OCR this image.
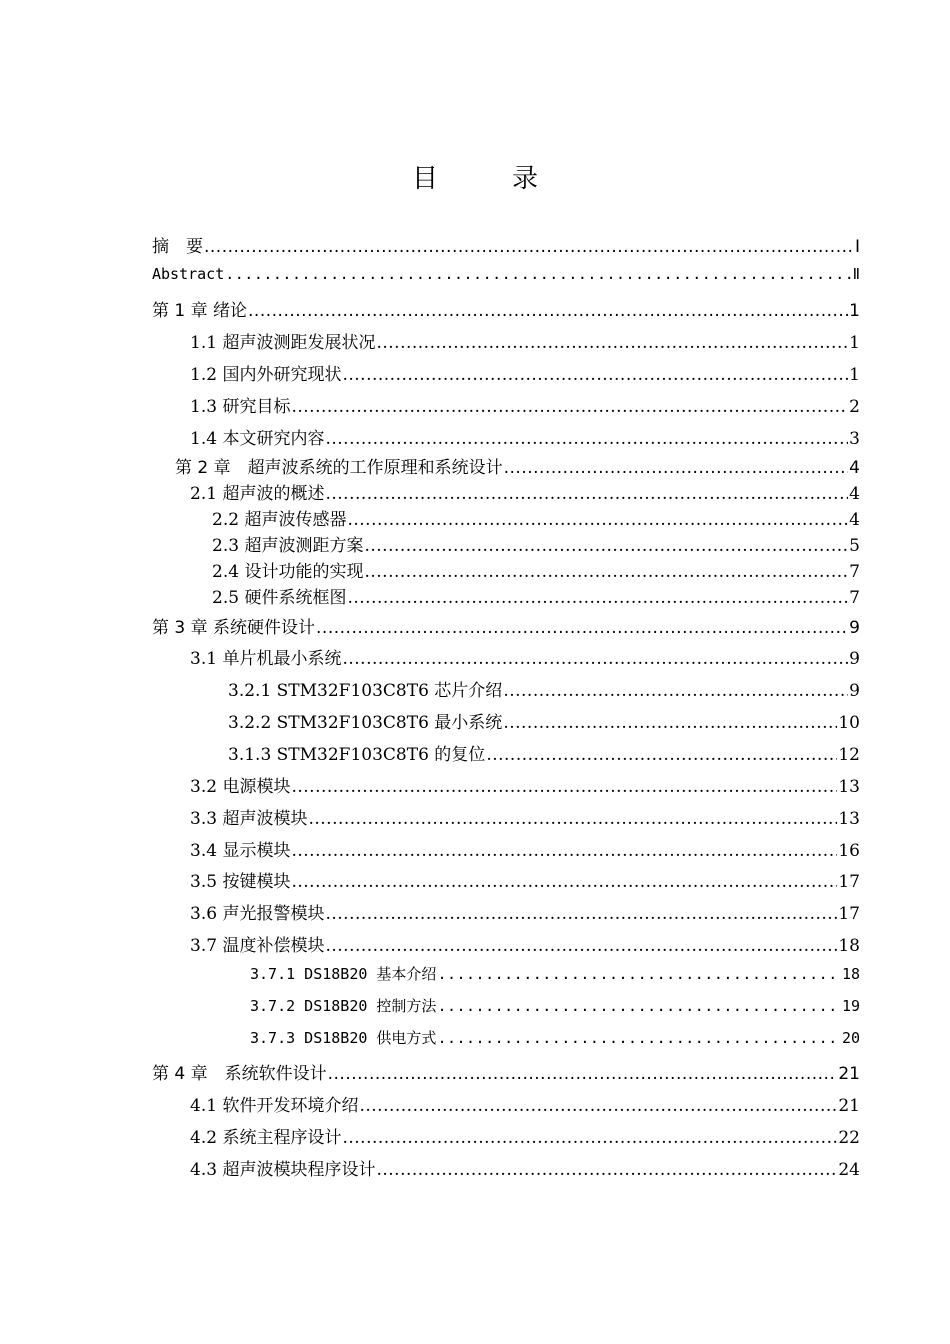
目　录
摘　要 .....	Ⅰ
Abstract .....	Ⅱ
第 1 章 绪论 .....	1
1.1 超声波测距发展状况 .....	1
1.2 国内外研究现状 .....	1
1.3 研究目标 .....	2
1.4 本文研究内容 .....	3
第 2 章　超声波系统的工作原理和系统设计 .....	4
2.1 超声波的概述 .....	4
2.2 超声波传感器 .....	4
2.3 超声波测距方案 .....	5
2.4 设计功能的实现 .....	7
2.5 硬件系统框图 .....	7
第 3 章 系统硬件设计 .....	9
3.1 单片机最小系统 .....	9
3.2.1 STM32F103C8T6 芯片介绍 .....	9
3.2.2 STM32F103C8T6 最小系统 .....	10
3.1.3 STM32F103C8T6 的复位 .....	12
3.2 电源模块 .....	13
3.3 超声波模块 .....	13
3.4 显示模块 .....	16
3.5 按键模块 .....	17
3.6 声光报警模块 .....	17
3.7 温度补偿模块 .....	18
3.7.1 DS18B20 基本介绍 .....	18
3.7.2 DS18B20 控制方法 .....	19
3.7.3 DS18B20 供电方式 .....	20
第 4 章　系统软件设计 .....	21
4.1 软件开发环境介绍 .....	21
4.2 系统主程序设计 .....	22
4.3 超声波模块程序设计 .....	24
